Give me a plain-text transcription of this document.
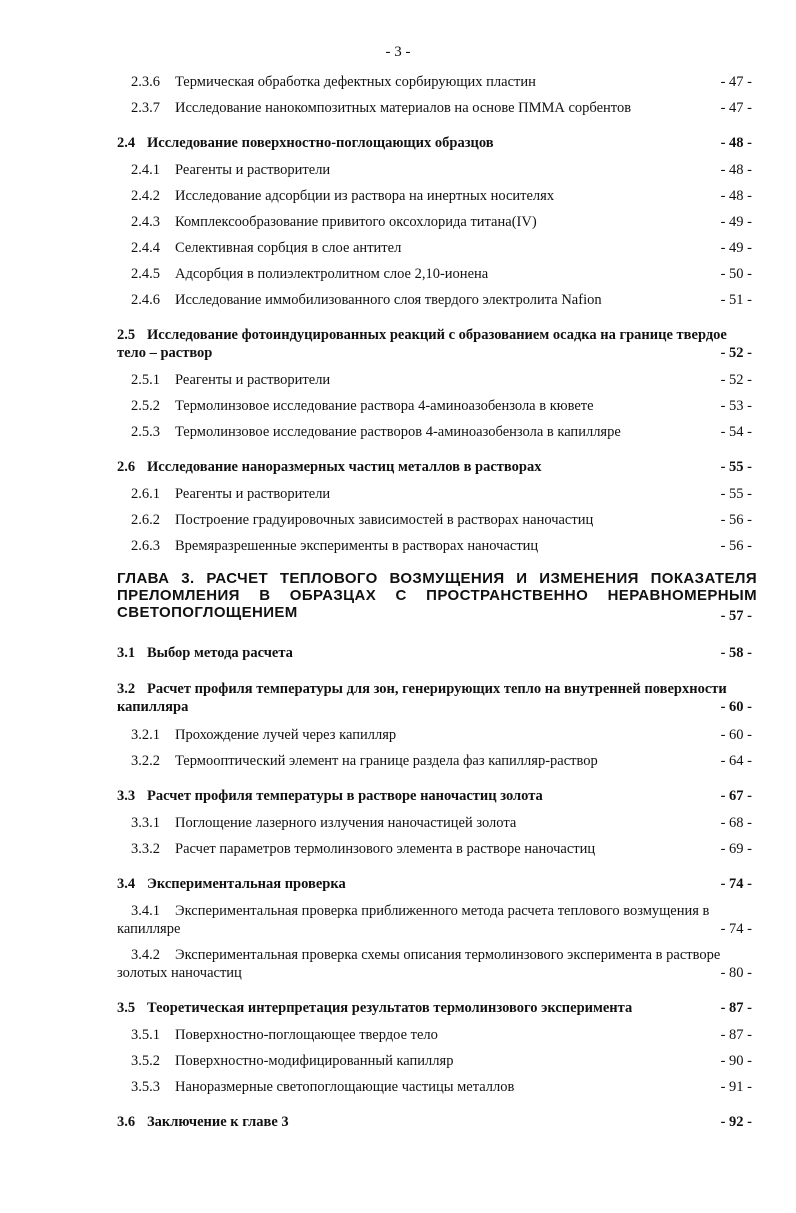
- 3 -
2.3.6 Термическая обработка дефектных сорбирующих пластин	- 47 -
2.3.7 Исследование нанокомпозитных материалов на основе ПММА сорбентов	- 47 -
2.4 Исследование поверхностно-поглощающих образцов	- 48 -
2.4.1 Реагенты и растворители	- 48 -
2.4.2 Исследование адсорбции из раствора на инертных носителях	- 48 -
2.4.3 Комплексообразование привитого оксохлорида титана(IV)	- 49 -
2.4.4 Селективная сорбция в слое антител	- 49 -
2.4.5 Адсорбция в полиэлектролитном слое 2,10-ионена	- 50 -
2.4.6 Исследование иммобилизованного слоя твердого электролита Nafion	- 51 -
2.5 Исследование фотоиндуцированных реакций с образованием осадка на границе твердое
тело – раствор	- 52 -
2.5.1 Реагенты и растворители	- 52 -
2.5.2 Термолинзовое исследование раствора 4-аминоазобензола в кювете	- 53 -
2.5.3 Термолинзовое исследование растворов 4-аминоазобензола в капилляре	- 54 -
2.6 Исследование наноразмерных частиц металлов в растворах	- 55 -
2.6.1 Реагенты и растворители	- 55 -
2.6.2 Построение градуировочных зависимостей в растворах наночастиц	- 56 -
2.6.3 Времяразрешенные эксперименты в растворах наночастиц	- 56 -
ГЛАВА 3. РАСЧЕТ ТЕПЛОВОГО ВОЗМУЩЕНИЯ И ИЗМЕНЕНИЯ ПОКАЗАТЕЛЯ
ПРЕЛОМЛЕНИЯ В ОБРАЗЦАХ С ПРОСТРАНСТВЕННО НЕРАВНОМЕРНЫМ
СВЕТОПОГЛОЩЕНИЕМ	- 57 -
3.1 Выбор метода расчета	- 58 -
3.2 Расчет профиля температуры для зон, генерирующих тепло на внутренней поверхности
капилляра	- 60 -
3.2.1 Прохождение лучей через капилляр	- 60 -
3.2.2 Термооптический элемент на границе раздела фаз капилляр-раствор	- 64 -
3.3 Расчет профиля температуры в растворе наночастиц золота	- 67 -
3.3.1 Поглощение лазерного излучения наночастицей золота	- 68 -
3.3.2 Расчет параметров термолинзового элемента в растворе наночастиц	- 69 -
3.4 Экспериментальная проверка	- 74 -
3.4.1 Экспериментальная проверка приближенного метода расчета теплового возмущения в
капилляре	- 74 -
3.4.2 Экспериментальная проверка схемы описания термолинзового эксперимента в растворе
золотых наночастиц	- 80 -
3.5 Теоретическая интерпретация результатов термолинзового эксперимента	- 87 -
3.5.1 Поверхностно-поглощающее твердое тело	- 87 -
3.5.2 Поверхностно-модифицированный капилляр	- 90 -
3.5.3 Наноразмерные светопоглощающие частицы металлов	- 91 -
3.6 Заключение к главе 3	- 92 -
